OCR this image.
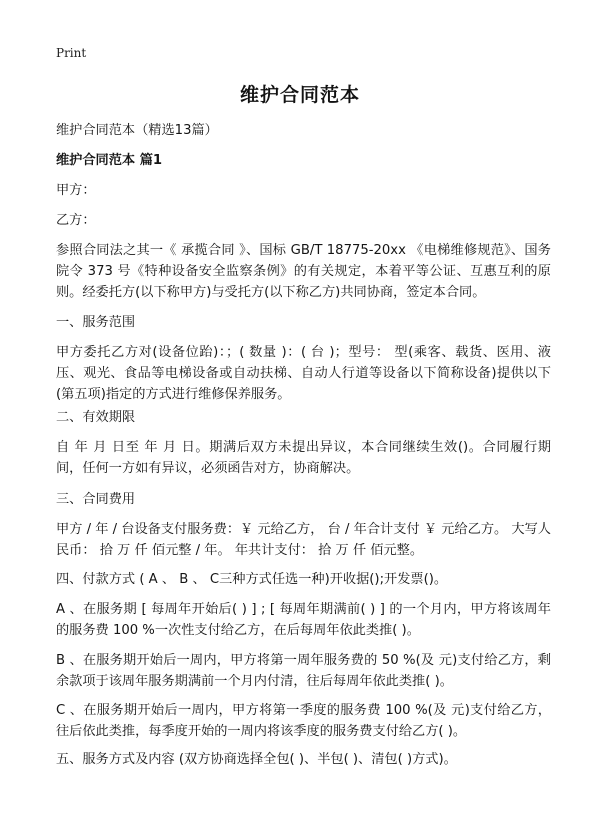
Print
维护合同范本
维护合同范本（精选13篇）
维护合同范本 篇1
甲方：
乙方：
参照合同法之其一《 承揽合同 》、国标 GB/T 18775-20xx 《电梯维修规范》、国务院令 373 号《特种设备安全监察条例》的有关规定，本着平等公证、互惠互利的原则。经委托方(以下称甲方)与受托方(以下称乙方)共同协商，签定本合同。
一、服务范围
甲方委托乙方对(设备位跆)：；( 数量 )：( 台 )；型号： 型(乘客、载货、医用、液压、观光、食品等电梯设备或自动扶梯、自动人行道等设备以下简称设备)提供以下(第五项)指定的方式进行维修保养服务。
二、有效期限
自 年 月 日至 年 月 日。期满后双方未提出异议，本合同继续生效()。合同履行期间，任何一方如有异议，必须函告对方，协商解决。
三、合同费用
甲方 / 年 / 台设备支付服务费：￥ 元给乙方， 台 / 年合计支付 ￥ 元给乙方。 大写人民币： 拾 万 仟 佰元整 / 年。 年共计支付： 拾 万 仟 佰元整。
四、付款方式 ( A 、 B 、 C三种方式任选一种)开收据();开发票()。
A 、在服务期 [ 每周年开始后( ) ] ; [ 每周年期满前( ) ] 的一个月内，甲方将该周年的服务费 100 %一次性支付给乙方，在后每周年依此类推( )。
B 、在服务期开始后一周内，甲方将第一周年服务费的 50 %(及 元)支付给乙方，剩余款项于该周年服务期满前一个月内付清，往后每周年依此类推( )。
C 、在服务期开始后一周内，甲方将第一季度的服务费 100 %(及 元)支付给乙方，往后依此类推，每季度开始的一周内将该季度的服务费支付给乙方( )。
五、服务方式及内容 (双方协商选择全包( )、半包( )、清包( )方式)。
